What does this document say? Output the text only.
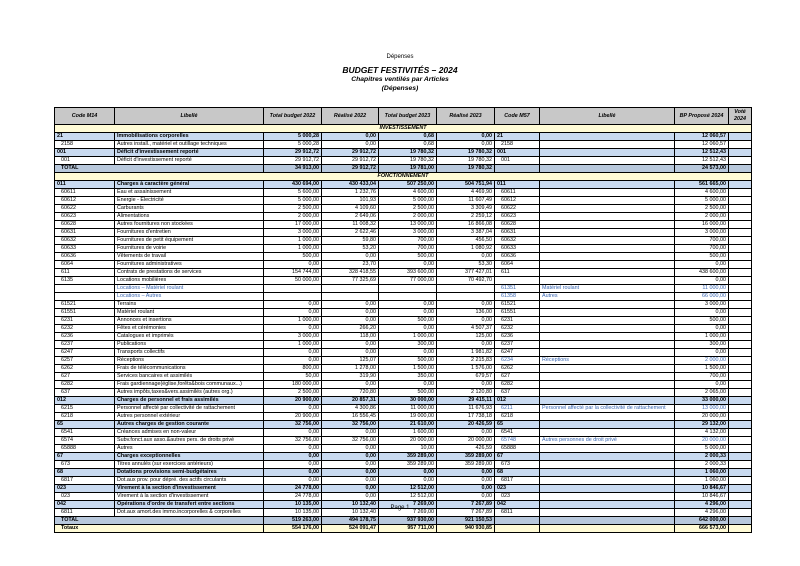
Dépenses
BUDGET FESTIVITÉS – 2024
Chapitres ventilés par Articles
(Dépenses)
Code M14	Libellé	Total budget 2022	Réalisé 2022	Total budget 2023	Réalisé 2023	Code M57	Libellé	BP Proposé 2024	Voté 2024
INVESTISSEMENT									
21	Immobilisations corporelles	5 000,28	0,00	0,68	0,00	21		12 060,57	
2158	Autres install., matériel et outillage techniques	5 000,28	0,00	0,68	0,00	2158		12 060,57	
001	Déficit d'investissement reporté	29 912,72	29 912,72	19 780,32	19 780,32	001		12 512,43	
001	Déficit d'investissement reporté	29 912,72	29 912,72	19 780,32	19 780,32	001		12 512,43	
TOTAL		34 913,00	29 912,72	19 781,00	19 780,32			24 573,00	
FONCTIONNEMENT									
011	Charges à caractère général	430 694,00	430 433,04	507 250,00	504 751,94	011		561 665,00	
60611	Eau et assainissement	5 600,00	1 232,76	4 600,00	4 469,90	60611		4 600,00	
60612	Energie - Electricité	5 000,00	101,93	5 000,00	11 607,49	60612		5 000,00	
60622	Carburants	2 500,00	4 109,60	2 500,00	3 309,49	60622		2 500,00	
60623	Alimentations	2 000,00	2 649,06	2 000,00	2 259,12	60623		2 000,00	
60628	Autres fournitures non stockées	17 000,00	11 008,32	13 000,00	16 866,08	60628		16 000,00	
60631	Fournitures d'entretien	3 000,00	2 622,46	3 000,00	3 387,04	60631		3 000,00	
60632	Fournitures de petit équipement	1 000,00	59,80	700,00	456,50	60632		700,00	
60633	Fournitures de voirie	1 000,00	53,20	700,00	1 080,92	60633		700,00	
60636	Vêtements de travail	500,00	0,00	500,00	0,00	60636		500,00	
6064	Fournitures administratives	0,00	23,70	0,00	53,30	6064		0,00	
611	Contrats de prestations de services	154 744,00	328 418,55	393 600,00	377 427,01	611		438 600,00	
6135	Locations mobilières	50 000,00	77 325,69	77 000,00	70 492,70			0,00	
	Locations – Matériel roulant					61351	Matériel roulant	11 000,00	
	Locations – Autres					61358	Autres	66 000,00	
61521	Terrains	0,00	0,00	0,00	0,00	61521		3 000,00	
61551	Matériel roulant	0,00	0,00	0,00	136,00	61551		0,00	
6231	Annonces et insertions	1 000,00	0,00	500,00	0,00	6231		500,00	
6232	Fêtes et cérémonies	0,00	266,20	0,00	4 507,37	6232		0,00	
6236	Catalogues et imprimés	3 000,00	118,00	1 000,00	125,00	6236		1 000,00	
6237	Publications	1 000,00	0,00	300,00	0,00	6237		300,00	
6247	Transports collectifs	0,00	0,00	0,00	1 981,82	6247		0,00	
6257	Réceptions	0,00	125,07	500,00	2 215,83	6234	Réceptions	2 000,00	
6262	Frais de télécommunications	800,00	1 278,00	1 500,00	1 576,00	6262		1 500,00	
627	Services bancaires et assimilés	50,00	319,90	350,00	679,57	627		700,00	
6282	Frais gardiennage(église,forêts&bois communaux...)	180 000,00	0,00	0,00	0,00	6282		0,00	
637	Autres impôts,taxes&vers.assimilés (autres org.)	2 500,00	720,80	500,00	2 120,80	637		2 065,00	
012	Charges de personnel et frais assimilés	20 900,00	20 857,31	30 000,00	29 415,11	012		33 000,00	
6215	Personnel affecté par collectivité de rattachement	0,00	4 300,86	11 000,00	11 676,93	6211	Personnel affecté par la collectivité de rattachement	13 000,00	
6218	Autres personnel extérieur	20 900,00	16 556,45	19 000,00	17 738,18	6218		20 000,00	
65	Autres charges de gestion courante	32 756,00	32 756,00	21 610,00	20 426,59	65		29 132,00	
6541	Créances admises en non-valeur	0,00	0,00	1 600,00	0,00	6541		4 132,00	
6574	Subv.fonct.aux asso.&autres pers. de droits privé	32 756,00	32 756,00	20 000,00	20 000,00	65748	Autres personnes de droit privé	20 000,00	
65888	Autres	0,00	0,00	10,00	426,59	65888		5 000,00	
67	Charges exceptionnelles	0,00	0,00	359 289,00	359 289,00	67		2 000,33	
673	Titres annulés (sur exercices antérieurs)	0,00	0,00	359 289,00	359 289,00	673		2 000,33	
68	Dotations provisions semi-budgétaires	0,00	0,00	0,00	0,00	68		1 060,00	
6817	Dot.aux prov. pour dépré. des actifs circulants	0,00	0,00	0,00	0,00	6817		1 060,00	
023	Virement à la section d'investissement	24 778,00	0,00	12 512,00	0,00	023		10 846,67	
023	Virement à la section d'investissement	24 778,00	0,00	12 512,00	0,00	023		10 846,67	
042	Opérations d'ordre de transfert entre sections	10 135,00	10 132,40	7 269,00	7 267,89	042		4 296,00	
6811	Dot.aux amort.des immo.incorporelles & corporelles	10 135,00	10 132,40	7 269,00	7 267,89	6811		4 296,00	
TOTAL		519 263,00	494 178,75	937 930,00	921 150,53			642 000,00	
Totaux		554 176,00	524 091,47	957 711,00	940 930,85			666 573,00	
Page 1
